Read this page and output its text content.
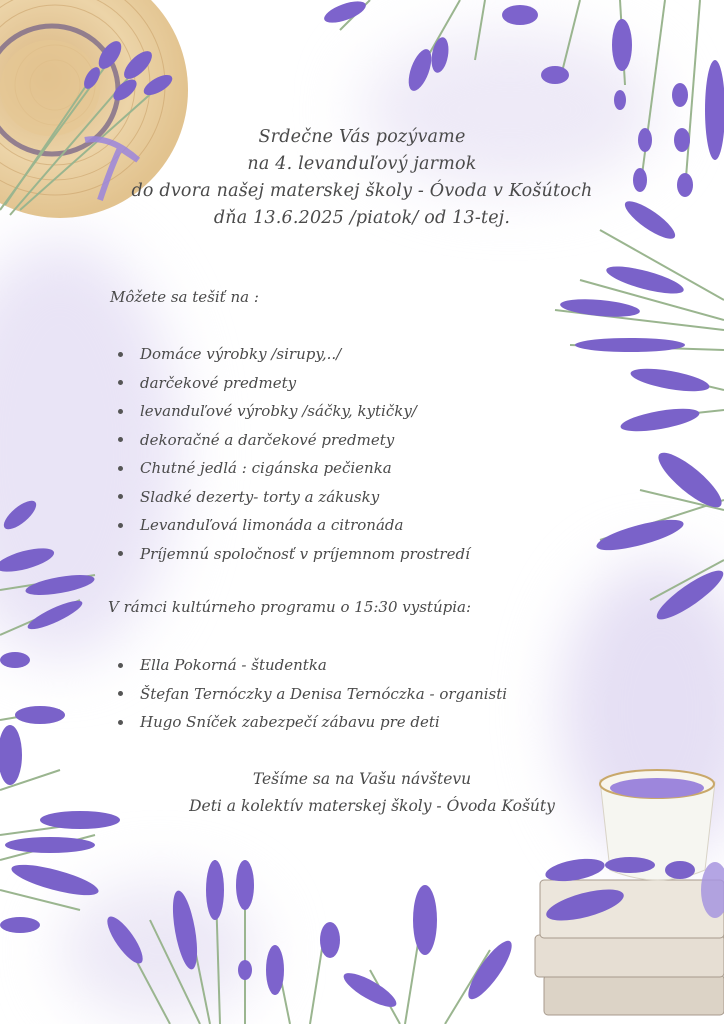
Srdečne Vás pozývame
na 4. levanduľový jarmok
do dvora našej materskej školy - Óvoda v Košútoch
dňa 13.6.2025 /piatok/ od 13-tej.
Môžete sa tešiť na :
Domáce výrobky /sirupy,../
darčekové predmety
levanduľové výrobky /sáčky, kytičky/
dekoračné a darčekové predmety
Chutné jedlá : cigánska pečienka
Sladké dezerty- torty a zákusky
Levanduľová limonáda a citronáda
Príjemnú spoločnosť v príjemnom prostredí
V rámci kultúrneho programu o 15:30 vystúpia:
Ella Pokorná - študentka
Štefan Ternóczky a Denisa Ternóczka - organisti
Hugo Sníček zabezpečí zábavu pre deti
Tešíme sa na Vašu návštevu
Deti a kolektív materskej školy - Óvoda Košúty
